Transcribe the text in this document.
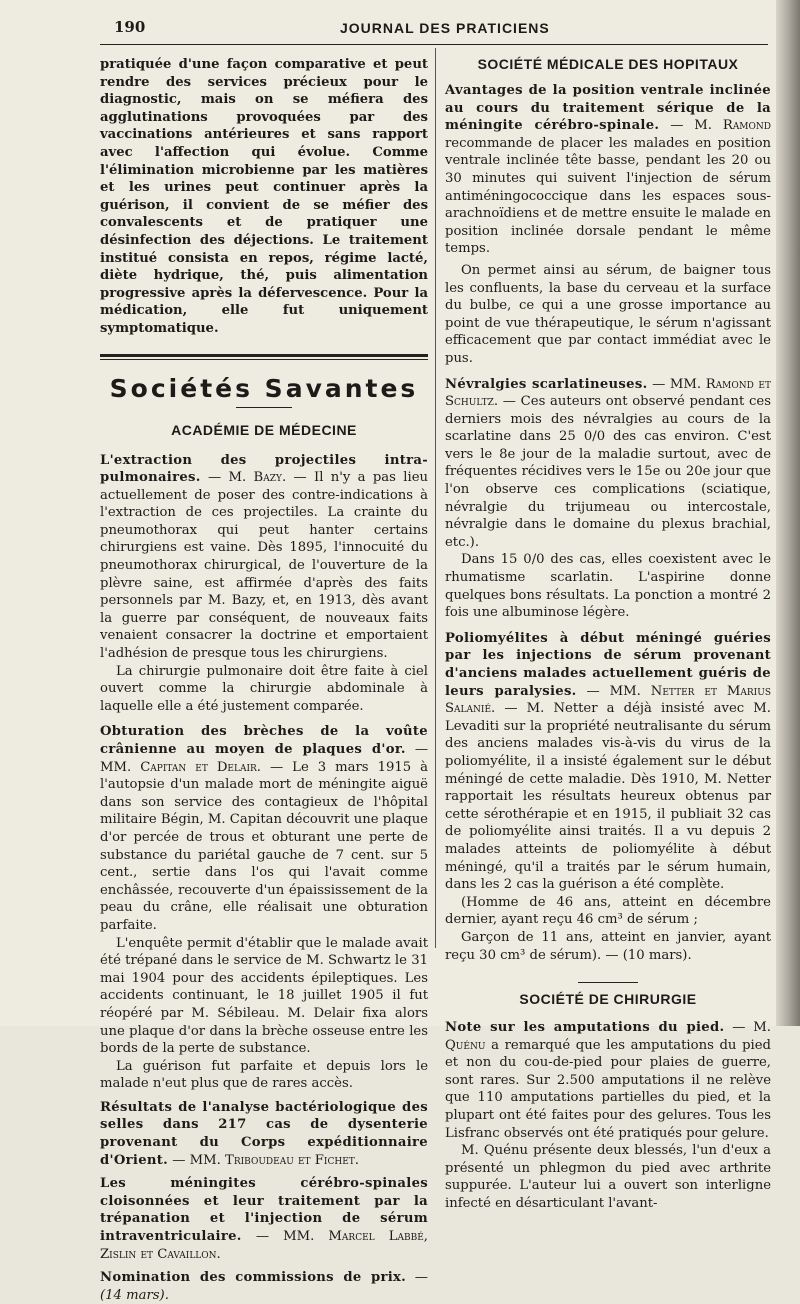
190	JOURNAL DES PRATICIENS

pratiquée d'une façon comparative et peut rendre des services précieux pour le diagnostic, mais on se méfiera des agglutinations provoquées par des vaccinations antérieures et sans rapport avec l'affection qui évolue. Comme l'élimination microbienne par les matières et les urines peut continuer après la guérison, il convient de se méfier des convalescents et de pratiquer une désinfection des déjections. Le traitement institué consista en repos, régime lacté, diète hydrique, thé, puis alimentation progressive après la défervescence. Pour la médication, elle fut uniquement symptomatique.

Sociétés Savantes
ACADÉMIE DE MÉDECINE

L'extraction des projectiles intra-pulmonaires. — M. Bazy. — Il n'y a pas lieu actuellement de poser des contre-indications à l'extraction de ces projectiles. La crainte du pneumothorax qui peut hanter certains chirurgiens est vaine. Dès 1895, l'innocuité du pneumothorax chirurgical, de l'ouverture de la plèvre saine, est affirmée d'après des faits personnels par M. Bazy, et, en 1913, dès avant la guerre par conséquent, de nouveaux faits venaient consacrer la doctrine et emportaient l'adhésion de presque tous les chirurgiens.

La chirurgie pulmonaire doit être faite à ciel ouvert comme la chirurgie abdominale à laquelle elle a été justement comparée.

Obturation des brèches de la voûte crânienne au moyen de plaques d'or. — MM. Capitan et Delair. — Le 3 mars 1915 à l'autopsie d'un malade mort de méningite aiguë dans son service des contagieux de l'hôpital militaire Bégin, M. Capitan découvrit une plaque d'or percée de trous et obturant une perte de substance du pariétal gauche de 7 cent. sur 5 cent., sertie dans l'os qui l'avait comme enchâssée, recouverte d'un épaississement de la peau du crâne, elle réalisait une obturation parfaite.

L'enquête permit d'établir que le malade avait été trépané dans le service de M. Schwartz le 31 mai 1904 pour des accidents épileptiques. Les accidents continuant, le 18 juillet 1905 il fut réopéré par M. Sébileau. M. Delair fixa alors une plaque d'or dans la brèche osseuse entre les bords de la perte de substance.

La guérison fut parfaite et depuis lors le malade n'eut plus que de rares accès.

Résultats de l'analyse bactériologique des selles dans 217 cas de dysenterie provenant du Corps expéditionnaire d'Orient. — MM. Triboudeau et Fichet.

Les méningites cérébro-spinales cloisonnées et leur traitement par la trépanation et l'injection de sérum intraventriculaire. — MM. Marcel Labbé, Zislin et Cavaillon.

Nomination des commissions de prix. — (14 mars).

SOCIÉTÉ MÉDICALE DES HOPITAUX

Avantages de la position ventrale inclinée au cours du traitement sérique de la méningite cérébro-spinale. — M. Ramond recommande de placer les malades en position ventrale inclinée tête basse, pendant les 20 ou 30 minutes qui suivent l'injection de sérum antiméningococcique dans les espaces sous-arachnoïdiens et de mettre ensuite le malade en position inclinée dorsale pendant le même temps.

On permet ainsi au sérum, de baigner tous les confluents, la base du cerveau et la surface du bulbe, ce qui a une grosse importance au point de vue thérapeutique, le sérum n'agissant efficacement que par contact immédiat avec le pus.

Névralgies scarlatineuses. — MM. Ramond et Schultz. — Ces auteurs ont observé pendant ces derniers mois des névralgies au cours de la scarlatine dans 25 0/0 des cas environ. C'est vers le 8e jour de la maladie surtout, avec de fréquentes récidives vers le 15e ou 20e jour que l'on observe ces complications (sciatique, névralgie du trijumeau ou intercostale, névralgie dans le domaine du plexus brachial, etc.).

Dans 15 0/0 des cas, elles coexistent avec le rhumatisme scarlatin. L'aspirine donne quelques bons résultats. La ponction a montré 2 fois une albuminose légère.

Poliomyélites à début méningé guéries par les injections de sérum provenant d'anciens malades actuellement guéris de leurs paralysies. — MM. Netter et Marius Salanié. — M. Netter a déjà insisté avec M. Levaditi sur la propriété neutralisante du sérum des anciens malades vis-à-vis du virus de la poliomyélite, il a insisté également sur le début méningé de cette maladie. Dès 1910, M. Netter rapportait les résultats heureux obtenus par cette sérothérapie et en 1915, il publiait 32 cas de poliomyélite ainsi traités. Il a vu depuis 2 malades atteints de poliomyélite à début méningé, qu'il a traités par le sérum humain, dans les 2 cas la guérison a été complète.

(Homme de 46 ans, atteint en décembre dernier, ayant reçu 46 cm³ de sérum ;

Garçon de 11 ans, atteint en janvier, ayant reçu 30 cm³ de sérum). — (10 mars).

SOCIÉTÉ DE CHIRURGIE

Note sur les amputations du pied. — M. Quénu a remarqué que les amputations du pied et non du cou-de-pied pour plaies de guerre, sont rares. Sur 2.500 amputations il ne relève que 110 amputations partielles du pied, et la plupart ont été faites pour des gelures. Tous les Lisfranc observés ont été pratiqués pour gelure.

M. Quénu présente deux blessés, l'un d'eux a présenté un phlegmon du pied avec arthrite suppurée. L'auteur lui a ouvert son interligne infecté en désarticulant l'avant-
